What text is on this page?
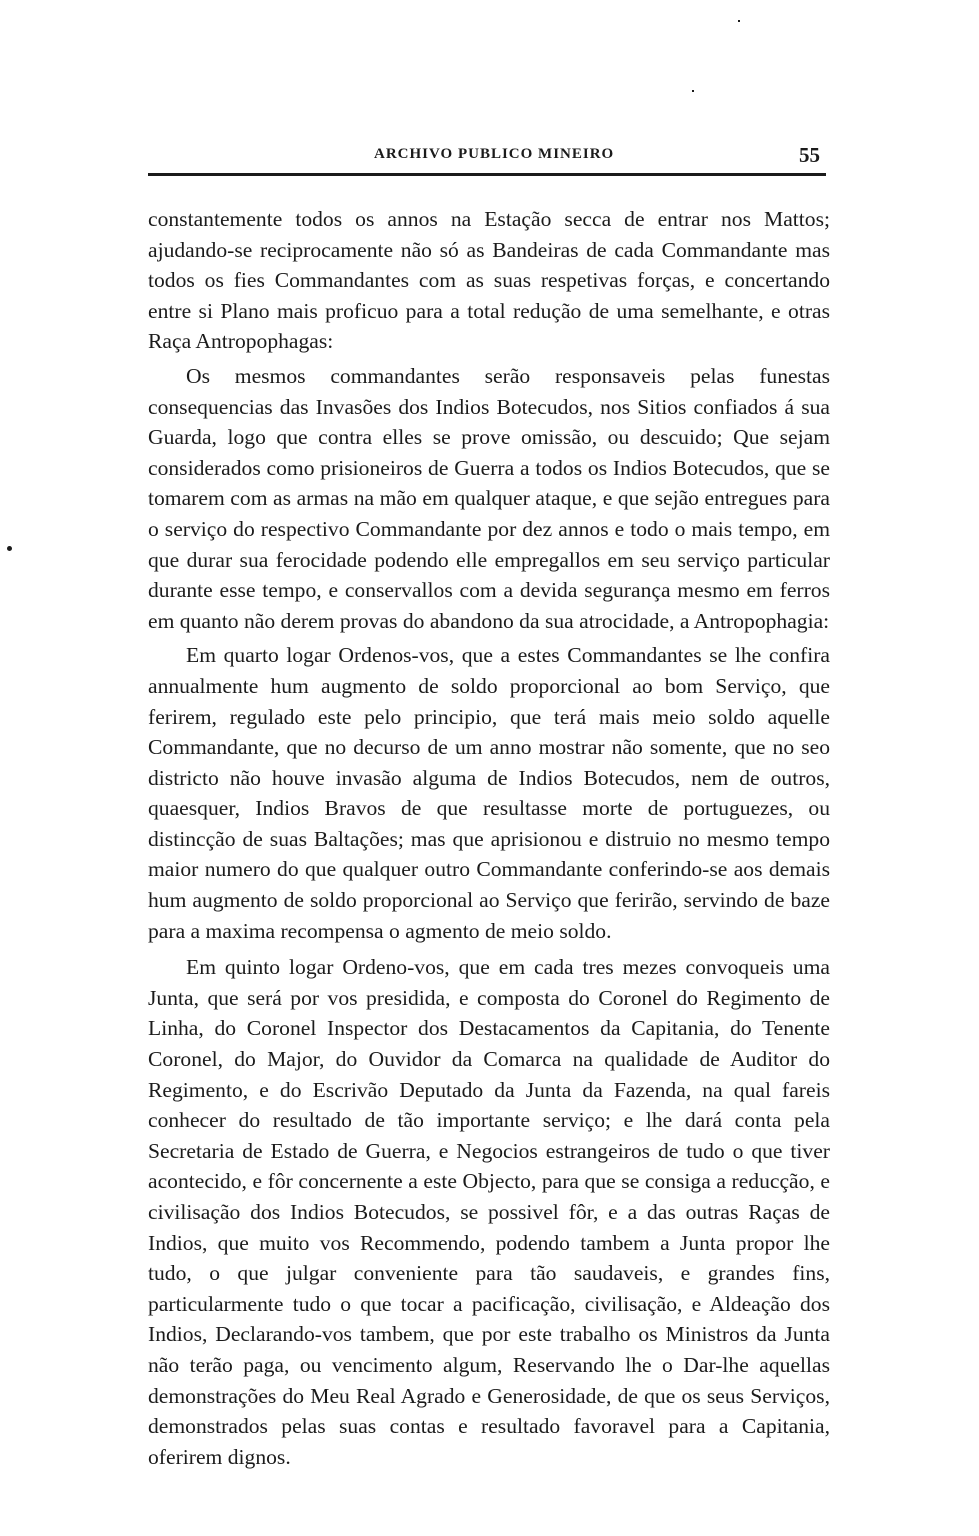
ARCHIVO PUBLICO MINEIRO	55

constantemente todos os annos na Estação secca de entrar nos Mattos; ajudando-se reciprocamente não só as Bandeiras de cada Commandante mas todos os fies Commandantes com as suas respetivas forças, e concertando entre si Plano mais proficuo para a total redução de uma semelhante, e otras Raça Antropophagas:

Os mesmos commandantes serão responsaveis pelas funestas consequencias das Invasões dos Indios Botecudos, nos Sitios confiados á sua Guarda, logo que contra elles se prove omissão, ou descuido; Que sejam considerados como prisioneiros de Guerra a todos os Indios Botecudos, que se tomarem com as armas na mão em qualquer ataque, e que sejão entregues para o serviço do respectivo Commandante por dez annos e todo o mais tempo, em que durar sua ferocidade podendo elle empregallos em seu serviço particular durante esse tempo, e conservallos com a devida segurança mesmo em ferros em quanto não derem provas do abandono da sua atrocidade, a Antropophagia:

Em quarto logar Ordenos-vos, que a estes Commandantes se lhe confira annualmente hum augmento de soldo proporcional ao bom Serviço, que ferirem, regulado este pelo principio, que terá mais meio soldo aquelle Commandante, que no decurso de um anno mostrar não somente, que no seo districto não houve invasão alguma de Indios Botecudos, nem de outros, quaesquer, Indios Bravos de que resultasse morte de portuguezes, ou distincção de suas Baltações; mas que aprisionou e distruio no mesmo tempo maior numero do que qualquer outro Commandante conferindo-se aos demais hum augmento de soldo proporcional ao Serviço que ferirão, servindo de baze para a maxima recompensa o agmento de meio soldo.

Em quinto logar Ordeno-vos, que em cada tres mezes convoqueis uma Junta, que será por vos presidida, e composta do Coronel do Regimento de Linha, do Coronel Inspector dos Destacamentos da Capitania, do Tenente Coronel, do Major, do Ouvidor da Comarca na qualidade de Auditor do Regimento, e do Escrivão Deputado da Junta da Fazenda, na qual fareis conhecer do resultado de tão importante serviço; e lhe dará conta pela Secretaria de Estado de Guerra, e Negocios estrangeiros de tudo o que tiver acontecido, e fôr concernente a este Objecto, para que se consiga a reducção, e civilisação dos Indios Botecudos, se possivel fôr, e a das outras Raças de Indios, que muito vos Recommendo, podendo tambem a Junta propor lhe tudo, o que julgar conveniente para tão saudaveis, e grandes fins, particularmente tudo o que tocar a pacificação, civilisação, e Aldeação dos Indios, Declarando-vos tambem, que por este trabalho os Ministros da Junta não terão paga, ou vencimento algum, Reservando lhe o Dar-lhe aquellas demonstrações do Meu Real Agrado e Generosidade, de que os seus Serviços, demonstrados pelas suas contas e resultado favoravel para a Capitania, oferirem dignos.
